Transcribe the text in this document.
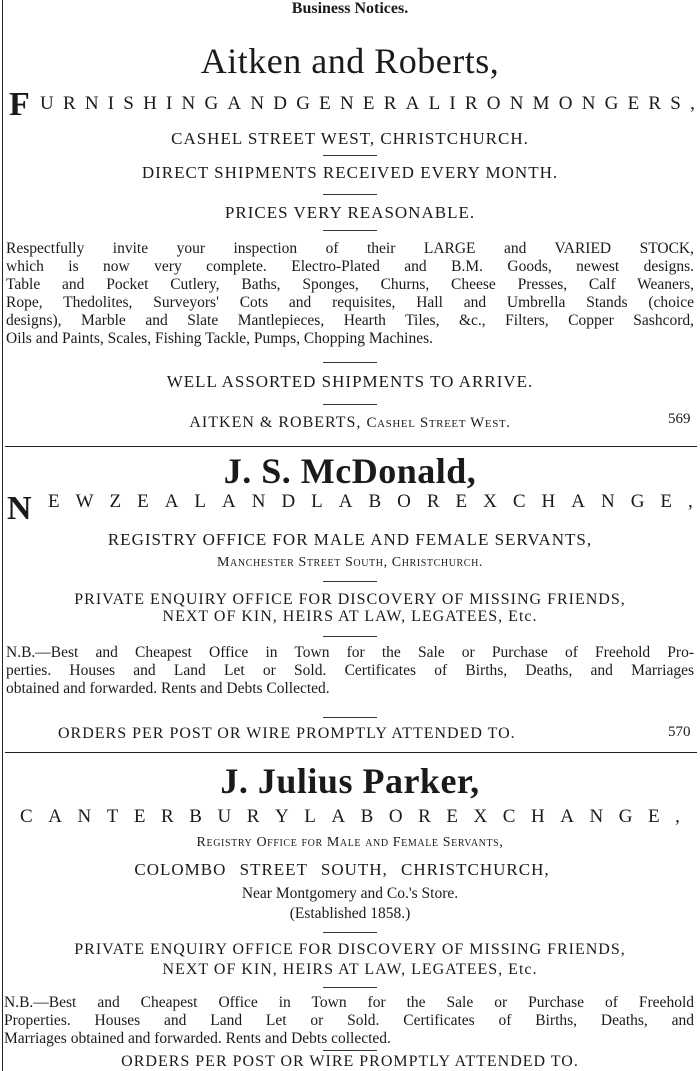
Business Notices.
Aitken and Roberts,
F U R N I S H I N G A N D G E N E R A L I R O N M O N G E R S ,
CASHEL STREET WEST, CHRISTCHURCH.
DIRECT SHIPMENTS RECEIVED EVERY MONTH.
PRICES VERY REASONABLE.
Respectfully invite your inspection of their LARGE and VARIED STOCK,
which is now very complete. Electro-Plated and B.M. Goods, newest designs.
Table and Pocket Cutlery, Baths, Sponges, Churns, Cheese Presses, Calf Weaners,
Rope, Thedolites, Surveyors' Cots and requisites, Hall and Umbrella Stands (choice
designs), Marble and Slate Mantlepieces, Hearth Tiles, &c., Filters, Copper Sashcord,
Oils and Paints, Scales, Fishing Tackle, Pumps, Chopping Machines.
WELL ASSORTED SHIPMENTS TO ARRIVE.
AITKEN & ROBERTS, Cashel Street West.	569
J. S. McDonald,
N E W Z E A L A N D L A B O R E X C H A N G E ,
REGISTRY OFFICE FOR MALE AND FEMALE SERVANTS,
Manchester Street South, Christchurch.
PRIVATE ENQUIRY OFFICE FOR DISCOVERY OF MISSING FRIENDS,
NEXT OF KIN, HEIRS AT LAW, LEGATEES, Etc.
N.B.—Best and Cheapest Office in Town for the Sale or Purchase of Freehold Pro-
perties. Houses and Land Let or Sold. Certificates of Births, Deaths, and Marriages
obtained and forwarded. Rents and Debts Collected.
ORDERS PER POST OR WIRE PROMPTLY ATTENDED TO.	570
J. Julius Parker,
C A N T E R B U R Y L A B O R E X C H A N G E ,
Registry Office for Male and Female Servants,
COLOMBO STREET SOUTH, CHRISTCHURCH,
Near Montgomery and Co.'s Store.
(Established 1858.)
PRIVATE ENQUIRY OFFICE FOR DISCOVERY OF MISSING FRIENDS,
NEXT OF KIN, HEIRS AT LAW, LEGATEES, Etc.
N.B.—Best and Cheapest Office in Town for the Sale or Purchase of Freehold
Properties. Houses and Land Let or Sold. Certificates of Births, Deaths, and
Marriages obtained and forwarded. Rents and Debts collected.
ORDERS PER POST OR WIRE PROMPTLY ATTENDED TO.
